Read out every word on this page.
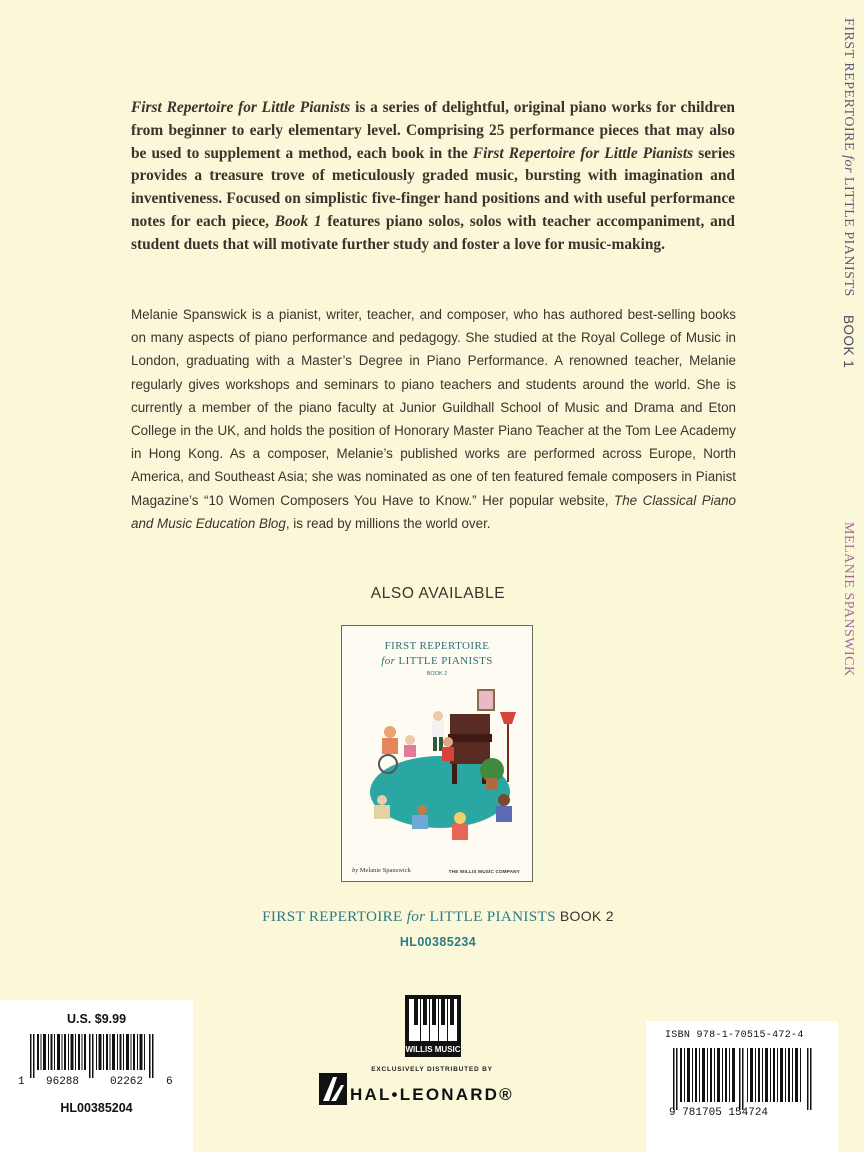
First Repertoire for Little Pianists is a series of delightful, original piano works for children from beginner to early elementary level. Comprising 25 performance pieces that may also be used to supplement a method, each book in the First Repertoire for Little Pianists series provides a treasure trove of meticulously graded music, bursting with imagination and inventiveness. Focused on simplistic five-finger hand positions and with useful performance notes for each piece, Book 1 features piano solos, solos with teacher accompaniment, and student duets that will motivate further study and foster a love for music-making.

Melanie Spanswick is a pianist, writer, teacher, and composer, who has authored best-selling books on many aspects of piano performance and pedagogy. She studied at the Royal College of Music in London, graduating with a Master’s Degree in Piano Performance. A renowned teacher, Melanie regularly gives workshops and seminars to piano teachers and students around the world. She is currently a member of the piano faculty at Junior Guildhall School of Music and Drama and Eton College in the UK, and holds the position of Honorary Master Piano Teacher at the Tom Lee Academy in Hong Kong. As a composer, Melanie’s published works are performed across Europe, North America, and Southeast Asia; she was nominated as one of ten featured female composers in Pianist Magazine’s “10 Women Composers You Have to Know.” Her popular website, The Classical Piano and Music Education Blog, is read by millions the world over.

FIRST REPERTOIRE for LITTLE PIANISTS BOOK 1 MELANIE SPANSWICK
ALSO AVAILABLE
FIRST REPERTOIRE
for LITTLE PIANISTS
BOOK 2
by Melanie Spanswick	THE WILLIS MUSIC COMPANY
FIRST REPERTOIRE for LITTLE PIANISTS BOOK 2
HL00385234
U.S. $9.99
1 96288	02262 6
HL00385204
WILLIS MUSIC
EXCLUSIVELY DISTRIBUTED BY
HAL•LEONARD®
ISBN 978-1-70515-472-4
9 781705 154724
